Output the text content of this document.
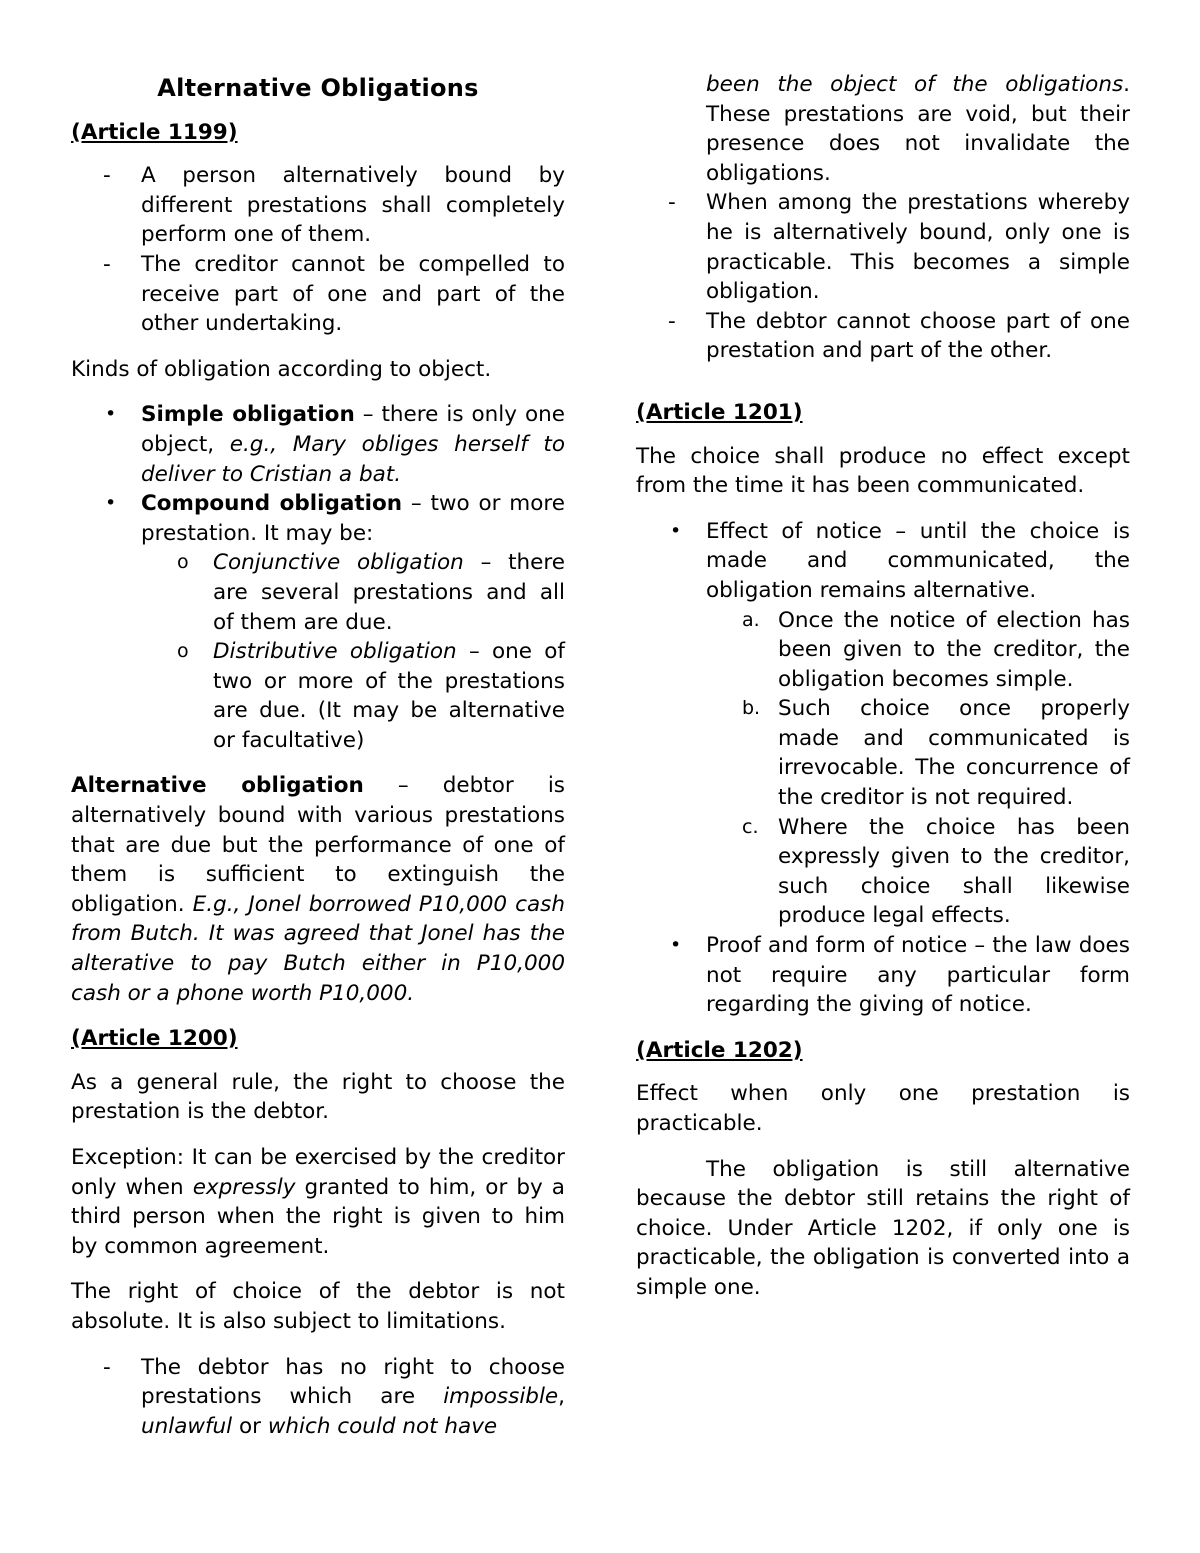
Alternative Obligations

(Article 1199)

- A person alternatively bound by different prestations shall completely perform one of them.
- The creditor cannot be compelled to receive part of one and part of the other undertaking.

Kinds of obligation according to object.

• Simple obligation – there is only one object, e.g., Mary obliges herself to deliver to Cristian a bat.
• Compound obligation – two or more prestation. It may be:
o Conjunctive obligation – there are several prestations and all of them are due.
o Distributive obligation – one of two or more of the prestations are due. (It may be alternative or facultative)

Alternative obligation – debtor is alternatively bound with various prestations that are due but the performance of one of them is sufficient to extinguish the obligation. E.g., Jonel borrowed P10,000 cash from Butch. It was agreed that Jonel has the alterative to pay Butch either in P10,000 cash or a phone worth P10,000.

(Article 1200)

As a general rule, the right to choose the prestation is the debtor.

Exception: It can be exercised by the creditor only when expressly granted to him, or by a third person when the right is given to him by common agreement.

The right of choice of the debtor is not absolute. It is also subject to limitations.

- The debtor has no right to choose prestations which are impossible, unlawful or which could not have
been the object of the obligations. These prestations are void, but their presence does not invalidate the obligations.
- When among the prestations whereby he is alternatively bound, only one is practicable. This becomes a simple obligation.
- The debtor cannot choose part of one prestation and part of the other.

(Article 1201)

The choice shall produce no effect except from the time it has been communicated.

• Effect of notice – until the choice is made and communicated, the obligation remains alternative.
a. Once the notice of election has been given to the creditor, the obligation becomes simple.
b. Such choice once properly made and communicated is irrevocable. The concurrence of the creditor is not required.
c. Where the choice has been expressly given to the creditor, such choice shall likewise produce legal effects.
• Proof and form of notice – the law does not require any particular form regarding the giving of notice.

(Article 1202)

Effect when only one prestation is practicable.

The obligation is still alternative because the debtor still retains the right of choice. Under Article 1202, if only one is practicable, the obligation is converted into a simple one.
